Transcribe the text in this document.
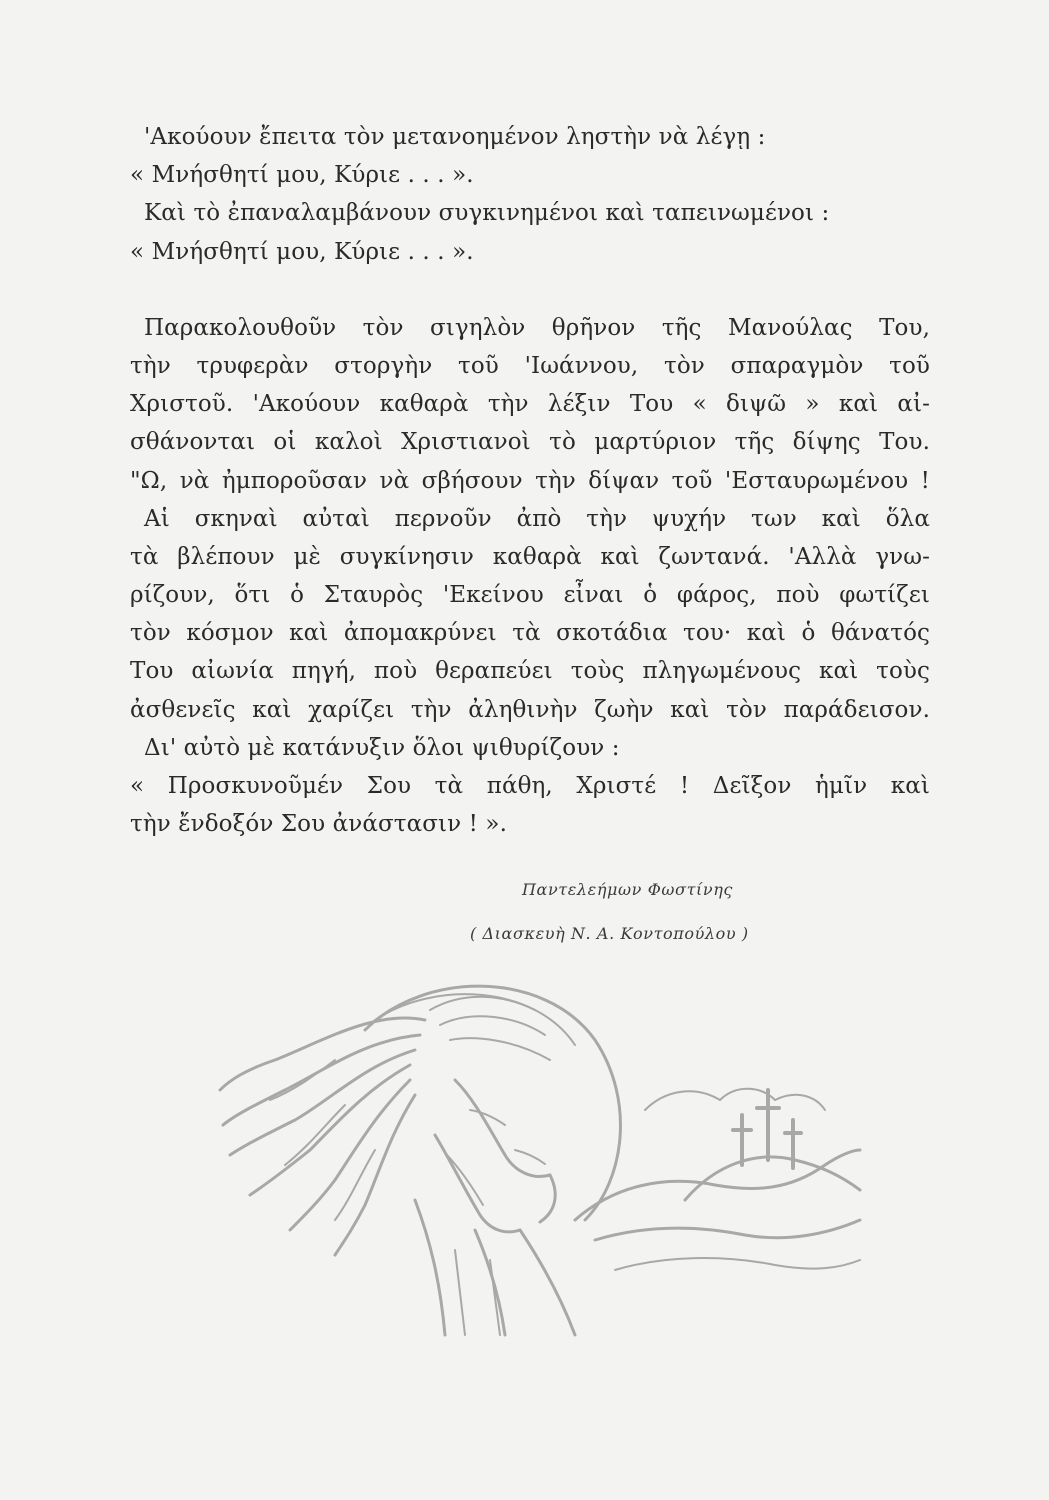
'Ακούουν ἔπειτα τὸν μετανοημένον ληστὴν νὰ λέγῃ :
« Μνήσθητί μου, Κύριε . . . ».
Καὶ τὸ ἐπαναλαμβάνουν συγκινημένοι καὶ ταπεινωμένοι :
« Μνήσθητί μου, Κύριε . . . ».
Παρακολουθοῦν τὸν σιγηλὸν θρῆνον τῆς Μανούλας Του,
τὴν τρυφερὰν στοργὴν τοῦ 'Ιωάννου, τὸν σπαραγμὸν τοῦ
Χριστοῦ. 'Ακούουν καθαρὰ τὴν λέξιν Του « διψῶ » καὶ αἰ-
σθάνονται οἱ καλοὶ Χριστιανοὶ τὸ μαρτύριον τῆς δίψης Του.
"Ω, νὰ ἠμποροῦσαν νὰ σβήσουν τὴν δίψαν τοῦ 'Εσταυρωμένου !
Αἱ σκηναὶ αὐταὶ περνοῦν ἀπὸ τὴν ψυχήν των καὶ ὅλα
τὰ βλέπουν μὲ συγκίνησιν καθαρὰ καὶ ζωντανά. 'Αλλὰ γνω-
ρίζουν, ὅτι ὁ Σταυρὸς 'Εκείνου εἶναι ὁ φάρος, ποὺ φωτίζει
τὸν κόσμον καὶ ἀπομακρύνει τὰ σκοτάδια του· καὶ ὁ θάνατός
Του αἰωνία πηγή, ποὺ θεραπεύει τοὺς πληγωμένους καὶ τοὺς
ἀσθενεῖς καὶ χαρίζει τὴν ἀληθινὴν ζωὴν καὶ τὸν παράδεισον.
Δι' αὐτὸ μὲ κατάνυξιν ὅλοι ψιθυρίζουν :
« Προσκυνοῦμέν Σου τὰ πάθη, Χριστέ ! Δεῖξον ἡμῖν καὶ
τὴν ἔνδοξόν Σου ἀνάστασιν ! ».
Παντελεήμων Φωστίνης
( Διασκευὴ Ν. Α. Κοντοπούλου )
